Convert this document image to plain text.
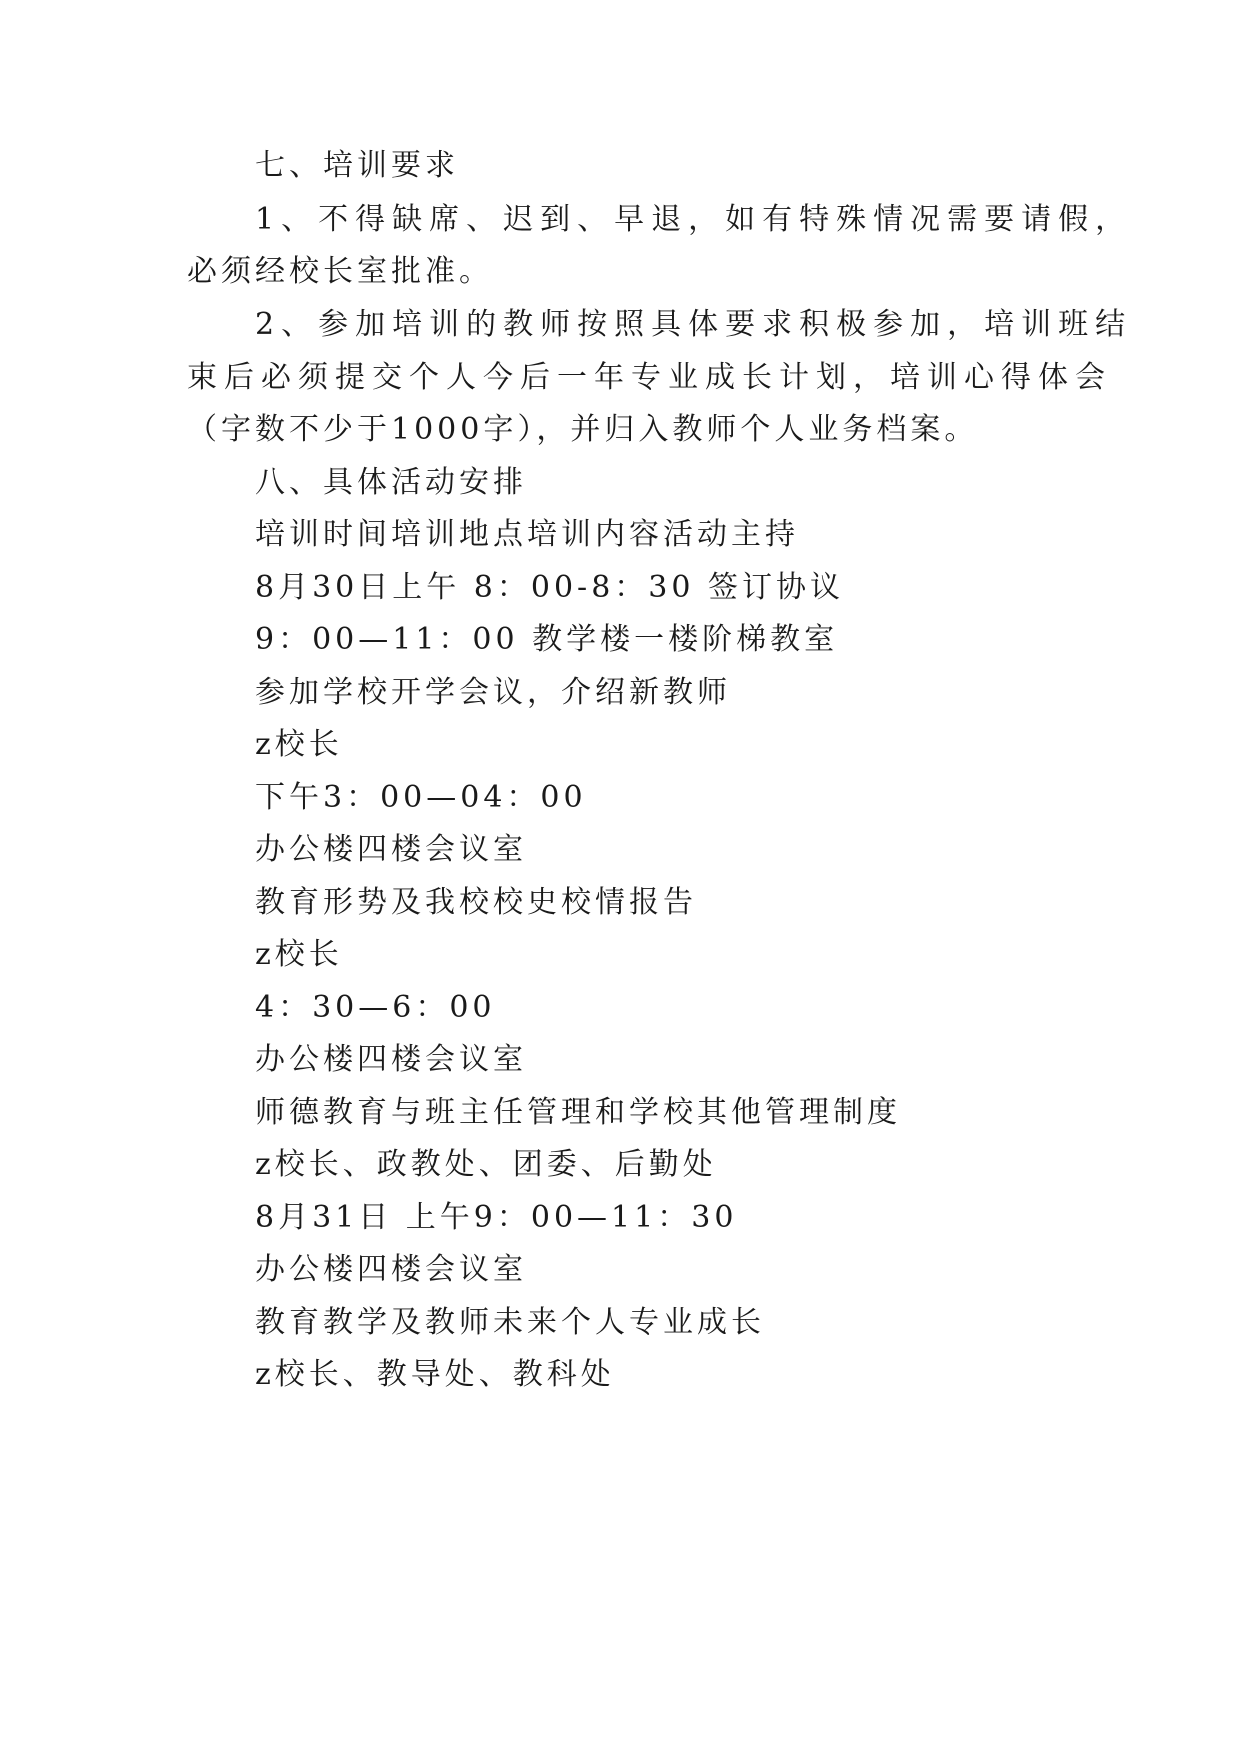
七、培训要求
1、不得缺席、迟到、早退，如有特殊情况需要请假，
必须经校长室批准。
2、参加培训的教师按照具体要求积极参加，培训班结
束后必须提交个人今后一年专业成长计划，培训心得体会
（字数不少于1000字），并归入教师个人业务档案。
八、具体活动安排
培训时间培训地点培训内容活动主持
8月30日上午 8：00-8：30 签订协议
9：00—11：00 教学楼一楼阶梯教室
参加学校开学会议，介绍新教师
z校长
下午3：00—04：00
办公楼四楼会议室
教育形势及我校校史校情报告
z校长
4：30—6：00
办公楼四楼会议室
师德教育与班主任管理和学校其他管理制度
z校长、政教处、团委、后勤处
8月31日 上午9：00—11：30
办公楼四楼会议室
教育教学及教师未来个人专业成长
z校长、教导处、教科处
